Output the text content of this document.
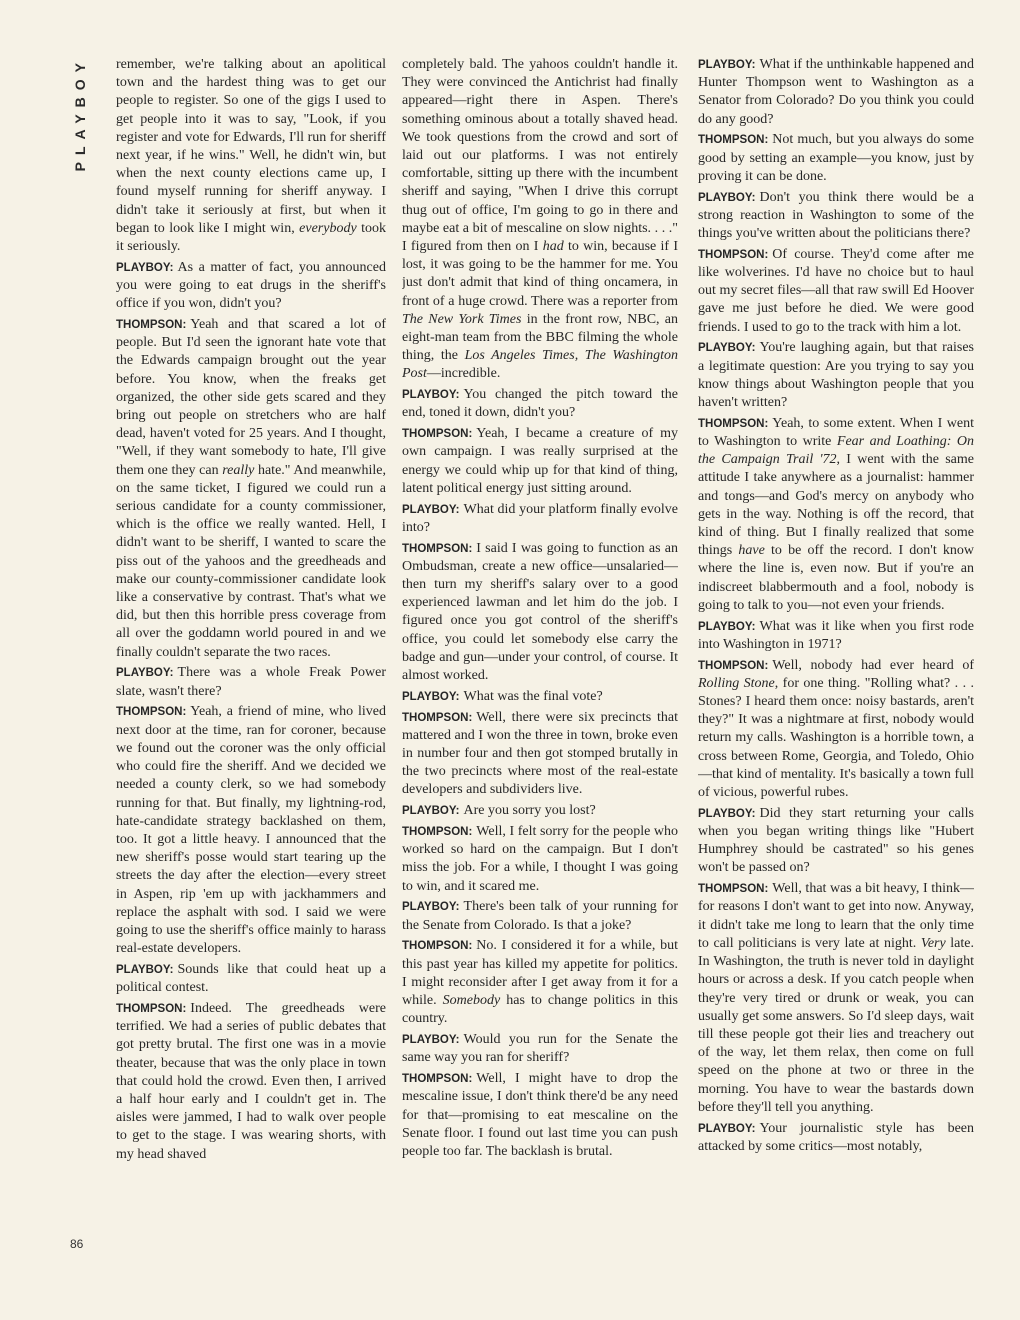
PLAYBOY
86

remember, we're talking about an apolitical town and the hardest thing was to get our people to register. So one of the gigs I used to get people into it was to say, "Look, if you register and vote for Edwards, I'll run for sheriff next year, if he wins." Well, he didn't win, but when the next county elections came up, I found myself running for sheriff anyway. I didn't take it seriously at first, but when it began to look like I might win, everybody took it seriously.

PLAYBOY: As a matter of fact, you announced you were going to eat drugs in the sheriff's office if you won, didn't you?

THOMPSON: Yeah and that scared a lot of people. But I'd seen the ignorant hate vote that the Edwards campaign brought out the year before. You know, when the freaks get organized, the other side gets scared and they bring out people on stretchers who are half dead, haven't voted for 25 years. And I thought, "Well, if they want somebody to hate, I'll give them one they can really hate." And meanwhile, on the same ticket, I figured we could run a serious candidate for a county commissioner, which is the office we really wanted. Hell, I didn't want to be sheriff, I wanted to scare the piss out of the yahoos and the greedheads and make our county-commissioner candidate look like a conservative by contrast. That's what we did, but then this horrible press coverage from all over the goddamn world poured in and we finally couldn't separate the two races.

PLAYBOY: There was a whole Freak Power slate, wasn't there?

THOMPSON: Yeah, a friend of mine, who lived next door at the time, ran for coroner, because we found out the coroner was the only official who could fire the sheriff. And we decided we needed a county clerk, so we had somebody running for that. But finally, my lightning-rod, hate-candidate strategy backlashed on them, too. It got a little heavy. I announced that the new sheriff's posse would start tearing up the streets the day after the election—every street in Aspen, rip 'em up with jackhammers and replace the asphalt with sod. I said we were going to use the sheriff's office mainly to harass real-estate developers.

PLAYBOY: Sounds like that could heat up a political contest.

THOMPSON: Indeed. The greedheads were terrified. We had a series of public debates that got pretty brutal. The first one was in a movie theater, because that was the only place in town that could hold the crowd. Even then, I arrived a half hour early and I couldn't get in. The aisles were jammed, I had to walk over people to get to the stage. I was wearing shorts, with my head shaved

completely bald. The yahoos couldn't handle it. They were convinced the Antichrist had finally appeared—right there in Aspen. There's something ominous about a totally shaved head. We took questions from the crowd and sort of laid out our platforms. I was not entirely comfortable, sitting up there with the incumbent sheriff and saying, "When I drive this corrupt thug out of office, I'm going to go in there and maybe eat a bit of mescaline on slow nights. . . ." I figured from then on I had to win, because if I lost, it was going to be the hammer for me. You just don't admit that kind of thing oncamera, in front of a huge crowd. There was a reporter from The New York Times in the front row, NBC, an eight-man team from the BBC filming the whole thing, the Los Angeles Times, The Washington Post—incredible.

PLAYBOY: You changed the pitch toward the end, toned it down, didn't you?

THOMPSON: Yeah, I became a creature of my own campaign. I was really surprised at the energy we could whip up for that kind of thing, latent political energy just sitting around.

PLAYBOY: What did your platform finally evolve into?

THOMPSON: I said I was going to function as an Ombudsman, create a new office—unsalaried—then turn my sheriff's salary over to a good experienced lawman and let him do the job. I figured once you got control of the sheriff's office, you could let somebody else carry the badge and gun—under your control, of course. It almost worked.

PLAYBOY: What was the final vote?

THOMPSON: Well, there were six precincts that mattered and I won the three in town, broke even in number four and then got stomped brutally in the two precincts where most of the real-estate developers and subdividers live.

PLAYBOY: Are you sorry you lost?

THOMPSON: Well, I felt sorry for the people who worked so hard on the campaign. But I don't miss the job. For a while, I thought I was going to win, and it scared me.

PLAYBOY: There's been talk of your running for the Senate from Colorado. Is that a joke?

THOMPSON: No. I considered it for a while, but this past year has killed my appetite for politics. I might reconsider after I get away from it for a while. Somebody has to change politics in this country.

PLAYBOY: Would you run for the Senate the same way you ran for sheriff?

THOMPSON: Well, I might have to drop the mescaline issue, I don't think there'd be any need for that—promising to eat mescaline on the Senate floor. I found out last time you can push people too far. The backlash is brutal.

PLAYBOY: What if the unthinkable happened and Hunter Thompson went to Washington as a Senator from Colorado? Do you think you could do any good?

THOMPSON: Not much, but you always do some good by setting an example—you know, just by proving it can be done.

PLAYBOY: Don't you think there would be a strong reaction in Washington to some of the things you've written about the politicians there?

THOMPSON: Of course. They'd come after me like wolverines. I'd have no choice but to haul out my secret files—all that raw swill Ed Hoover gave me just before he died. We were good friends. I used to go to the track with him a lot.

PLAYBOY: You're laughing again, but that raises a legitimate question: Are you trying to say you know things about Washington people that you haven't written?

THOMPSON: Yeah, to some extent. When I went to Washington to write Fear and Loathing: On the Campaign Trail '72, I went with the same attitude I take anywhere as a journalist: hammer and tongs—and God's mercy on anybody who gets in the way. Nothing is off the record, that kind of thing. But I finally realized that some things have to be off the record. I don't know where the line is, even now. But if you're an indiscreet blabbermouth and a fool, nobody is going to talk to you—not even your friends.

PLAYBOY: What was it like when you first rode into Washington in 1971?

THOMPSON: Well, nobody had ever heard of Rolling Stone, for one thing. "Rolling what? . . . Stones? I heard them once: noisy bastards, aren't they?" It was a nightmare at first, nobody would return my calls. Washington is a horrible town, a cross between Rome, Georgia, and Toledo, Ohio—that kind of mentality. It's basically a town full of vicious, powerful rubes.

PLAYBOY: Did they start returning your calls when you began writing things like "Hubert Humphrey should be castrated" so his genes won't be passed on?

THOMPSON: Well, that was a bit heavy, I think—for reasons I don't want to get into now. Anyway, it didn't take me long to learn that the only time to call politicians is very late at night. Very late. In Washington, the truth is never told in daylight hours or across a desk. If you catch people when they're very tired or drunk or weak, you can usually get some answers. So I'd sleep days, wait till these people got their lies and treachery out of the way, let them relax, then come on full speed on the phone at two or three in the morning. You have to wear the bastards down before they'll tell you anything.

PLAYBOY: Your journalistic style has been attacked by some critics—most notably,
